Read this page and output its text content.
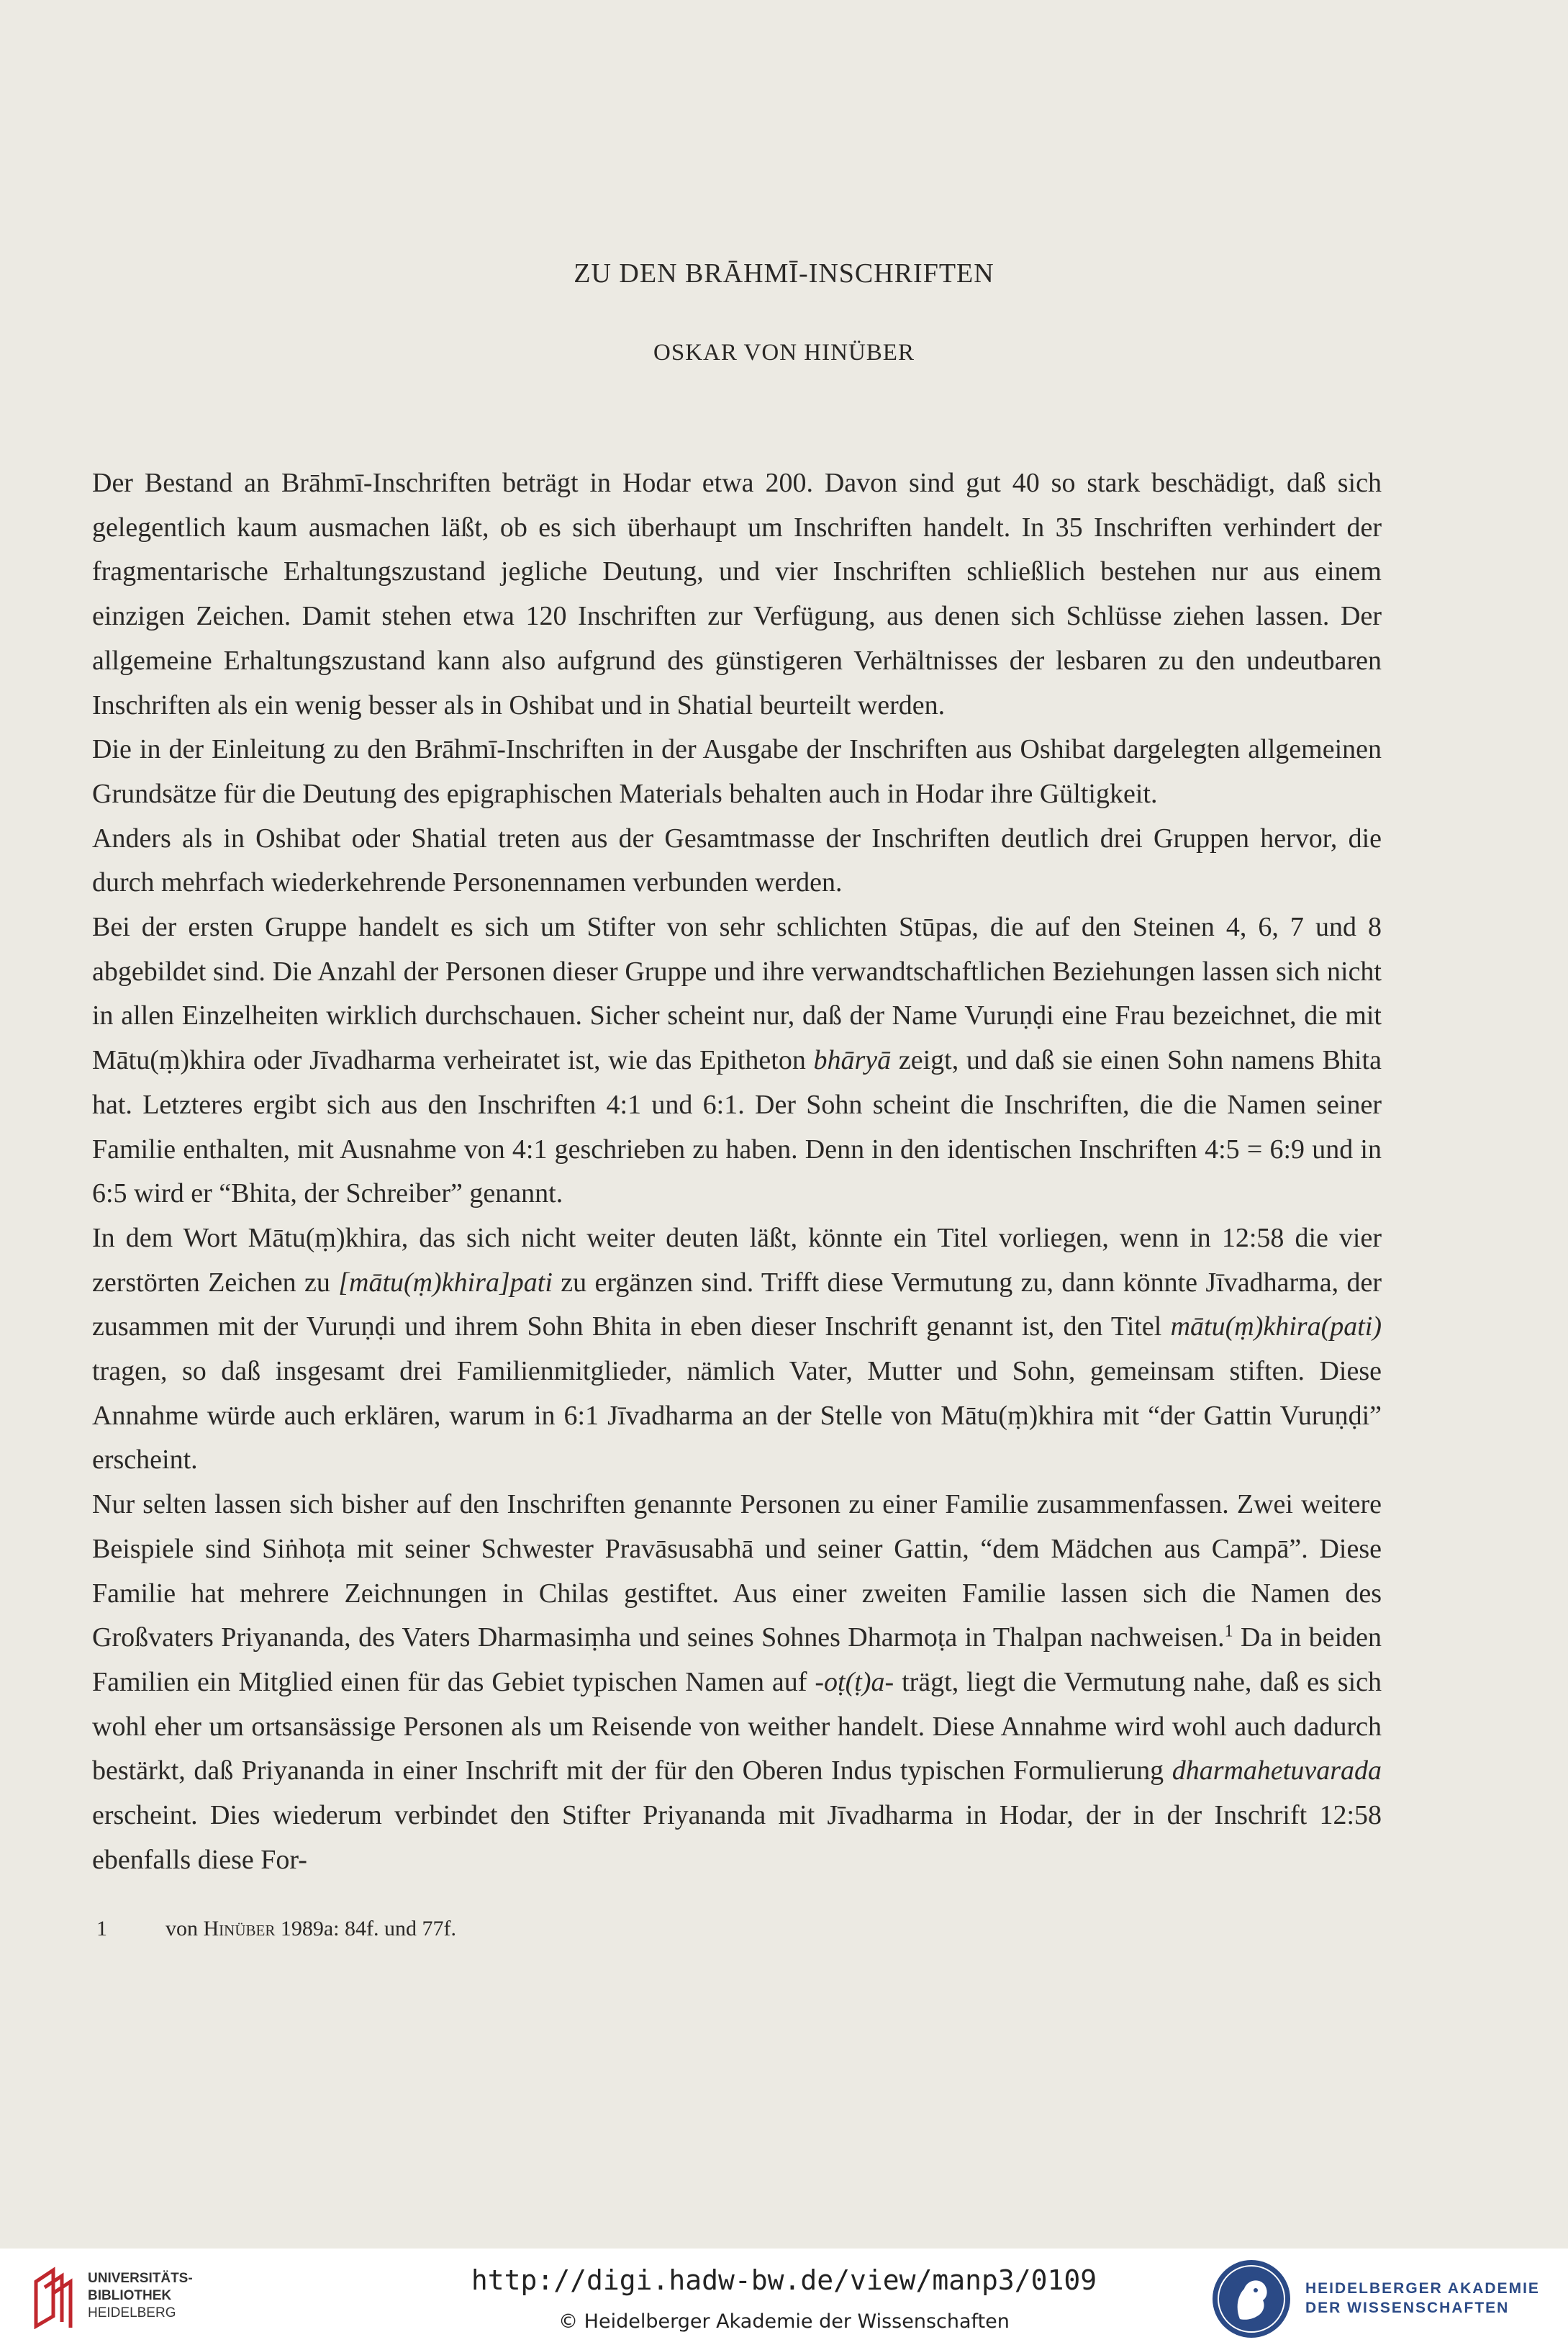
ZU DEN BRĀHMĪ-INSCHRIFTEN
OSKAR VON HINÜBER

Der Bestand an Brāhmī-Inschriften beträgt in Hodar etwa 200. Davon sind gut 40 so stark beschädigt, daß sich gelegentlich kaum ausmachen läßt, ob es sich überhaupt um Inschriften handelt. In 35 Inschriften verhindert der fragmentarische Erhaltungszustand jegliche Deutung, und vier Inschriften schließlich bestehen nur aus einem einzigen Zeichen. Damit stehen etwa 120 Inschriften zur Verfügung, aus denen sich Schlüsse ziehen lassen. Der allgemeine Erhaltungszustand kann also aufgrund des günstigeren Verhältnisses der lesbaren zu den undeutbaren Inschriften als ein wenig besser als in Oshibat und in Shatial beurteilt werden.

Die in der Einleitung zu den Brāhmī-Inschriften in der Ausgabe der Inschriften aus Oshibat dargelegten allgemeinen Grundsätze für die Deutung des epigraphischen Materials behalten auch in Hodar ihre Gültigkeit.

Anders als in Oshibat oder Shatial treten aus der Gesamtmasse der Inschriften deutlich drei Gruppen hervor, die durch mehrfach wiederkehrende Personennamen verbunden werden.

Bei der ersten Gruppe handelt es sich um Stifter von sehr schlichten Stūpas, die auf den Steinen 4, 6, 7 und 8 abgebildet sind. Die Anzahl der Personen dieser Gruppe und ihre verwandtschaftlichen Beziehungen lassen sich nicht in allen Einzelheiten wirklich durchschauen. Sicher scheint nur, daß der Name Vuruṇḍi eine Frau bezeichnet, die mit Mātu(ṃ)khira oder Jīvadharma verheiratet ist, wie das Epitheton bhāryā zeigt, und daß sie einen Sohn namens Bhita hat. Letzteres ergibt sich aus den Inschriften 4:1 und 6:1. Der Sohn scheint die Inschriften, die die Namen seiner Familie enthalten, mit Ausnahme von 4:1 geschrieben zu haben. Denn in den identischen Inschriften 4:5 = 6:9 und in 6:5 wird er “Bhita, der Schreiber” genannt.

In dem Wort Mātu(ṃ)khira, das sich nicht weiter deuten läßt, könnte ein Titel vorliegen, wenn in 12:58 die vier zerstörten Zeichen zu [mātu(ṃ)khira]pati zu ergänzen sind. Trifft diese Vermutung zu, dann könnte Jīvadharma, der zusammen mit der Vuruṇḍi und ihrem Sohn Bhita in eben dieser Inschrift genannt ist, den Titel mātu(ṃ)khira(pati) tragen, so daß insgesamt drei Familienmitglieder, nämlich Vater, Mutter und Sohn, gemeinsam stiften. Diese Annahme würde auch erklären, warum in 6:1 Jīvadharma an der Stelle von Mātu(ṃ)khira mit “der Gattin Vuruṇḍi” erscheint.

Nur selten lassen sich bisher auf den Inschriften genannte Personen zu einer Familie zusammenfassen. Zwei weitere Beispiele sind Siṅhoṭa mit seiner Schwester Pravāsusabhā und seiner Gattin, “dem Mädchen aus Campā”. Diese Familie hat mehrere Zeichnungen in Chilas gestiftet. Aus einer zweiten Familie lassen sich die Namen des Großvaters Priyananda, des Vaters Dharmasiṃha und seines Sohnes Dharmoṭa in Thalpan nachweisen.$^1$ Da in beiden Familien ein Mitglied einen für das Gebiet typischen Namen auf -oṭ(ṭ)a- trägt, liegt die Vermutung nahe, daß es sich wohl eher um ortsansässige Personen als um Reisende von weither handelt. Diese Annahme wird wohl auch dadurch bestärkt, daß Priyananda in einer Inschrift mit der für den Oberen Indus typischen Formulierung dharmahetuvarada erscheint. Dies wiederum verbindet den Stifter Priyananda mit Jīvadharma in Hodar, der in der Inschrift 12:58 ebenfalls diese For-

1	von Hinüber 1989a: 84f. und 77f.
UNIVERSITÄTS-
BIBLIOTHEK
HEIDELBERG
http://digi.hadw-bw.de/view/manp3/0109
© Heidelberger Akademie der Wissenschaften
HEIDELBERGER AKADEMIE
DER WISSENSCHAFTEN
